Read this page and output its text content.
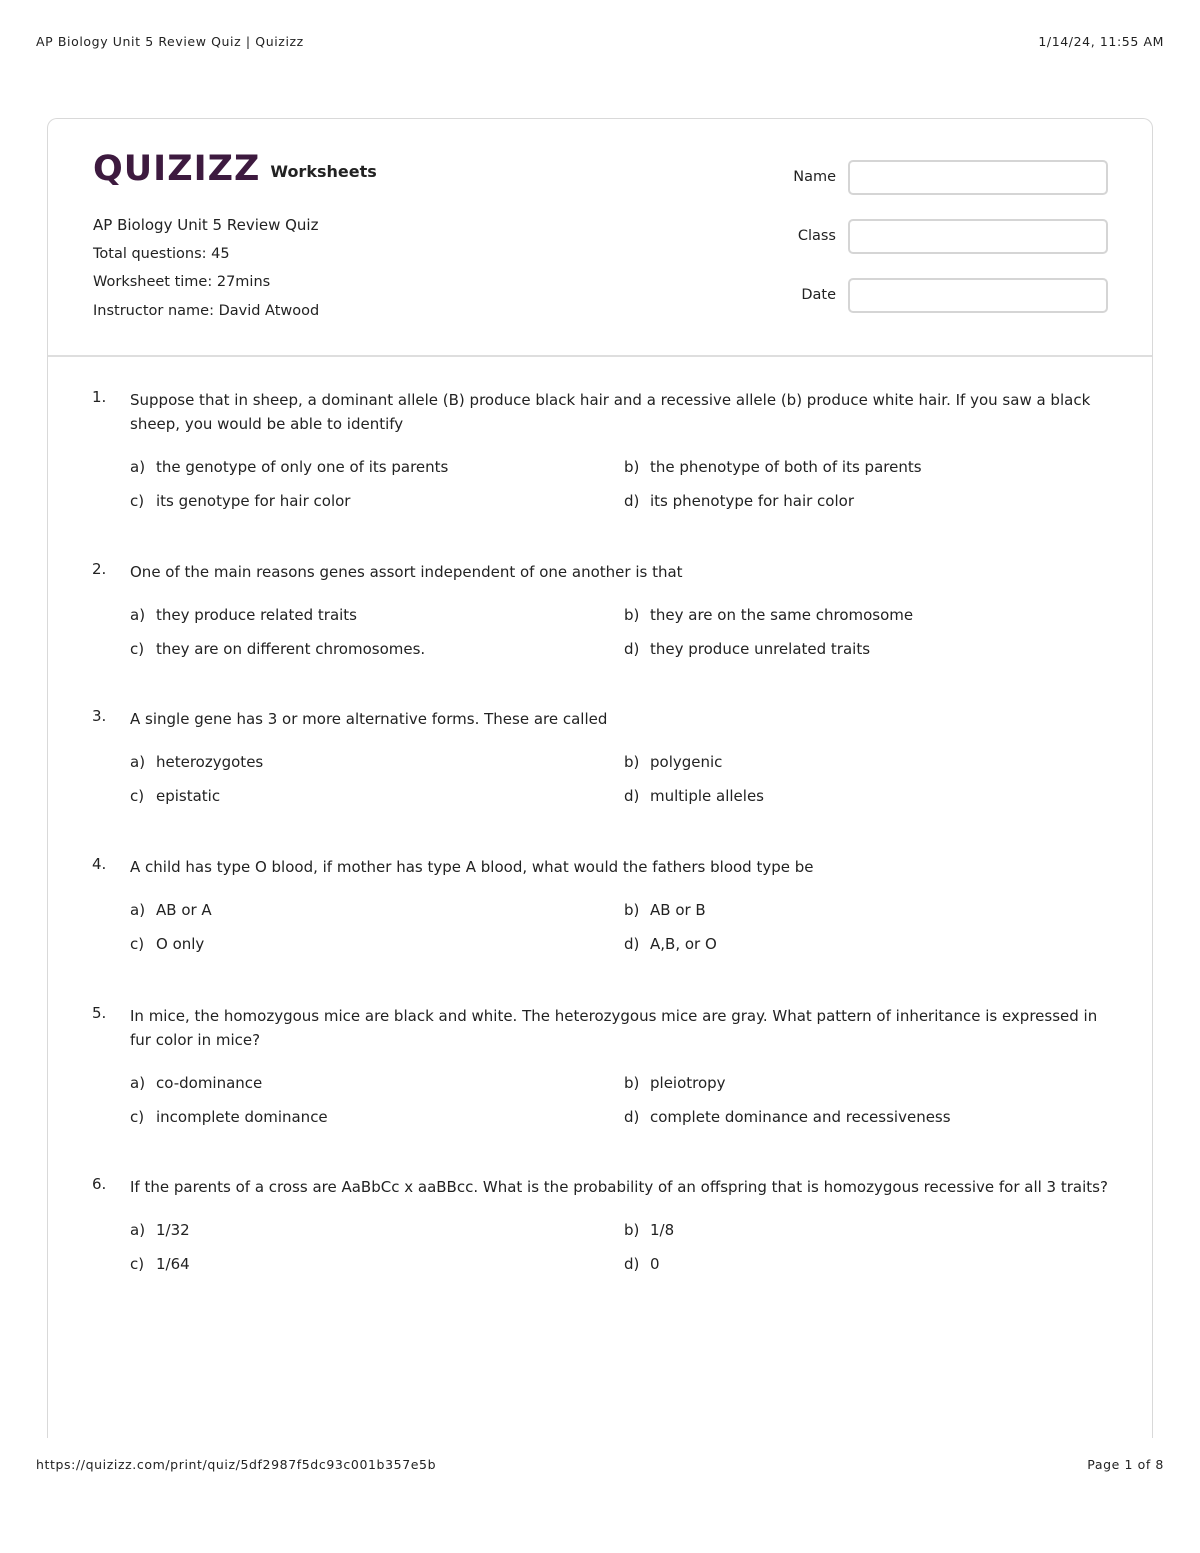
AP Biology Unit 5 Review Quiz | Quizizz	1/14/24, 11:55 AM
QUIZIZZ Worksheets
AP Biology Unit 5 Review Quiz
Total questions: 45
Worksheet time: 27mins
Instructor name: David Atwood
Name
Class
Date
1.	Suppose that in sheep, a dominant allele (B) produce black hair and a recessive allele (b) produce white hair. If you saw a black sheep, you would be able to identify
a) the genotype of only one of its parents	b) the phenotype of both of its parents
c) its genotype for hair color	d) its phenotype for hair color
2.	One of the main reasons genes assort independent of one another is that
a) they produce related traits	b) they are on the same chromosome
c) they are on different chromosomes.	d) they produce unrelated traits
3.	A single gene has 3 or more alternative forms. These are called
a) heterozygotes	b) polygenic
c) epistatic	d) multiple alleles
4.	A child has type O blood, if mother has type A blood, what would the fathers blood type be
a) AB or A	b) AB or B
c) O only	d) A,B, or O
5.	In mice, the homozygous mice are black and white. The heterozygous mice are gray. What pattern of inheritance is expressed in fur color in mice?
a) co-dominance	b) pleiotropy
c) incomplete dominance	d) complete dominance and recessiveness
6.	If the parents of a cross are AaBbCc x aaBBcc. What is the probability of an offspring that is homozygous recessive for all 3 traits?
a) 1/32	b) 1/8
c) 1/64	d) 0
https://quizizz.com/print/quiz/5df2987f5dc93c001b357e5b	Page 1 of 8
